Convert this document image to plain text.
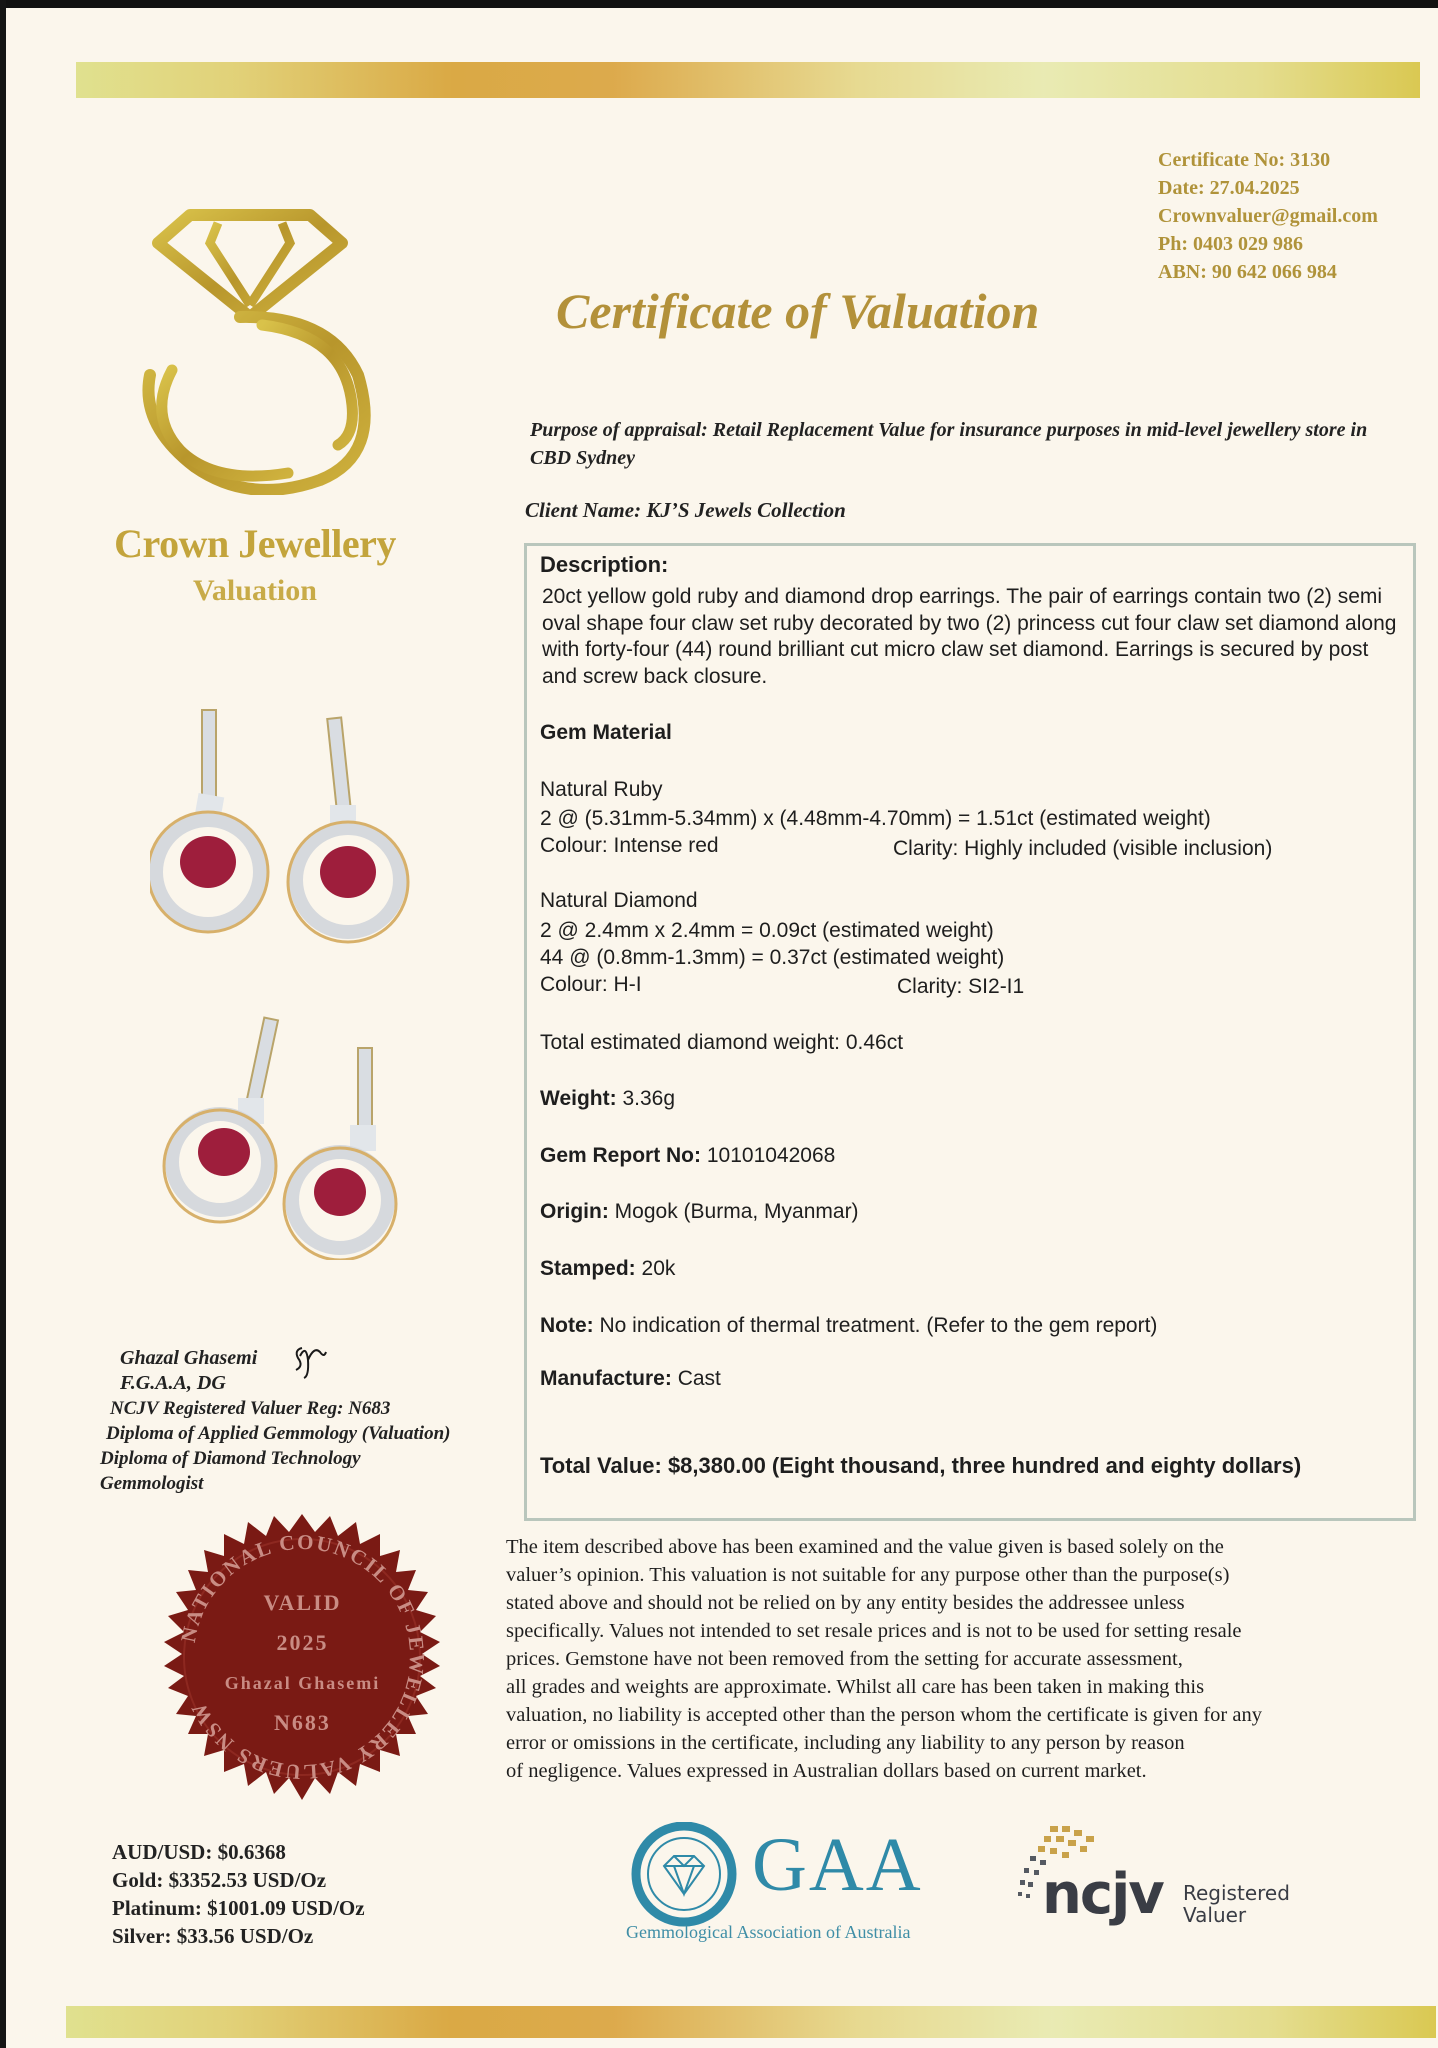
Certificate No: 3130
Date: 27.04.2025
Crownvaluer@gmail.com
Ph: 0403 029 986
ABN: 90 642 066 984
Crown Jewellery
Valuation
Certificate of Valuation
Purpose of appraisal: Retail Replacement Value for insurance purposes in mid-level jewellery store in CBD Sydney
Client Name: KJ’S Jewels Collection
Description:
20ct yellow gold ruby and diamond drop earrings. The pair of earrings contain two (2) semi oval shape four claw set ruby decorated by two (2) princess cut four claw set diamond along with forty-four (44) round brilliant cut micro claw set diamond. Earrings is secured by post and screw back closure.
Gem Material
Natural Ruby
2 @ (5.31mm-5.34mm) x (4.48mm-4.70mm) = 1.51ct (estimated weight)
Colour: Intense red	Clarity: Highly included (visible inclusion)
Natural Diamond
2 @ 2.4mm x 2.4mm = 0.09ct (estimated weight)
44 @ (0.8mm-1.3mm) = 0.37ct (estimated weight)
Colour: H-I	Clarity: SI2-I1
Total estimated diamond weight: 0.46ct
Weight: 3.36g
Gem Report No: 10101042068
Origin: Mogok (Burma, Myanmar)
Stamped: 20k
Note: No indication of thermal treatment. (Refer to the gem report)
Manufacture: Cast
Total Value: $8,380.00 (Eight thousand, three hundred and eighty dollars)
The item described above has been examined and the value given is based solely on the
valuer’s opinion. This valuation is not suitable for any purpose other than the purpose(s)
stated above and should not be relied on by any entity besides the addressee unless
specifically. Values not intended to set resale prices and is not to be used for setting resale
prices. Gemstone have not been removed from the setting for accurate assessment,
all grades and weights are approximate. Whilst all care has been taken in making this
valuation, no liability is accepted other than the person whom the certificate is given for any
error or omissions in the certificate, including any liability to any person by reason
of negligence. Values expressed in Australian dollars based on current market.
Ghazal Ghasemi
F.G.A.A, DG
NCJV Registered Valuer Reg: N683
Diploma of Applied Gemmology (Valuation)
Diploma of Diamond Technology
Gemmologist
NATIONAL COUNCIL OF JEWELLERY VALUERS NSW
VALID
2025
Ghazal Ghasemi
N683
AUD/USD: $0.6368
Gold: $3352.53 USD/Oz
Platinum: $1001.09 USD/Oz
Silver: $33.56 USD/Oz
GAA
Gemmological Association of Australia
ncjv Registered
Valuer
